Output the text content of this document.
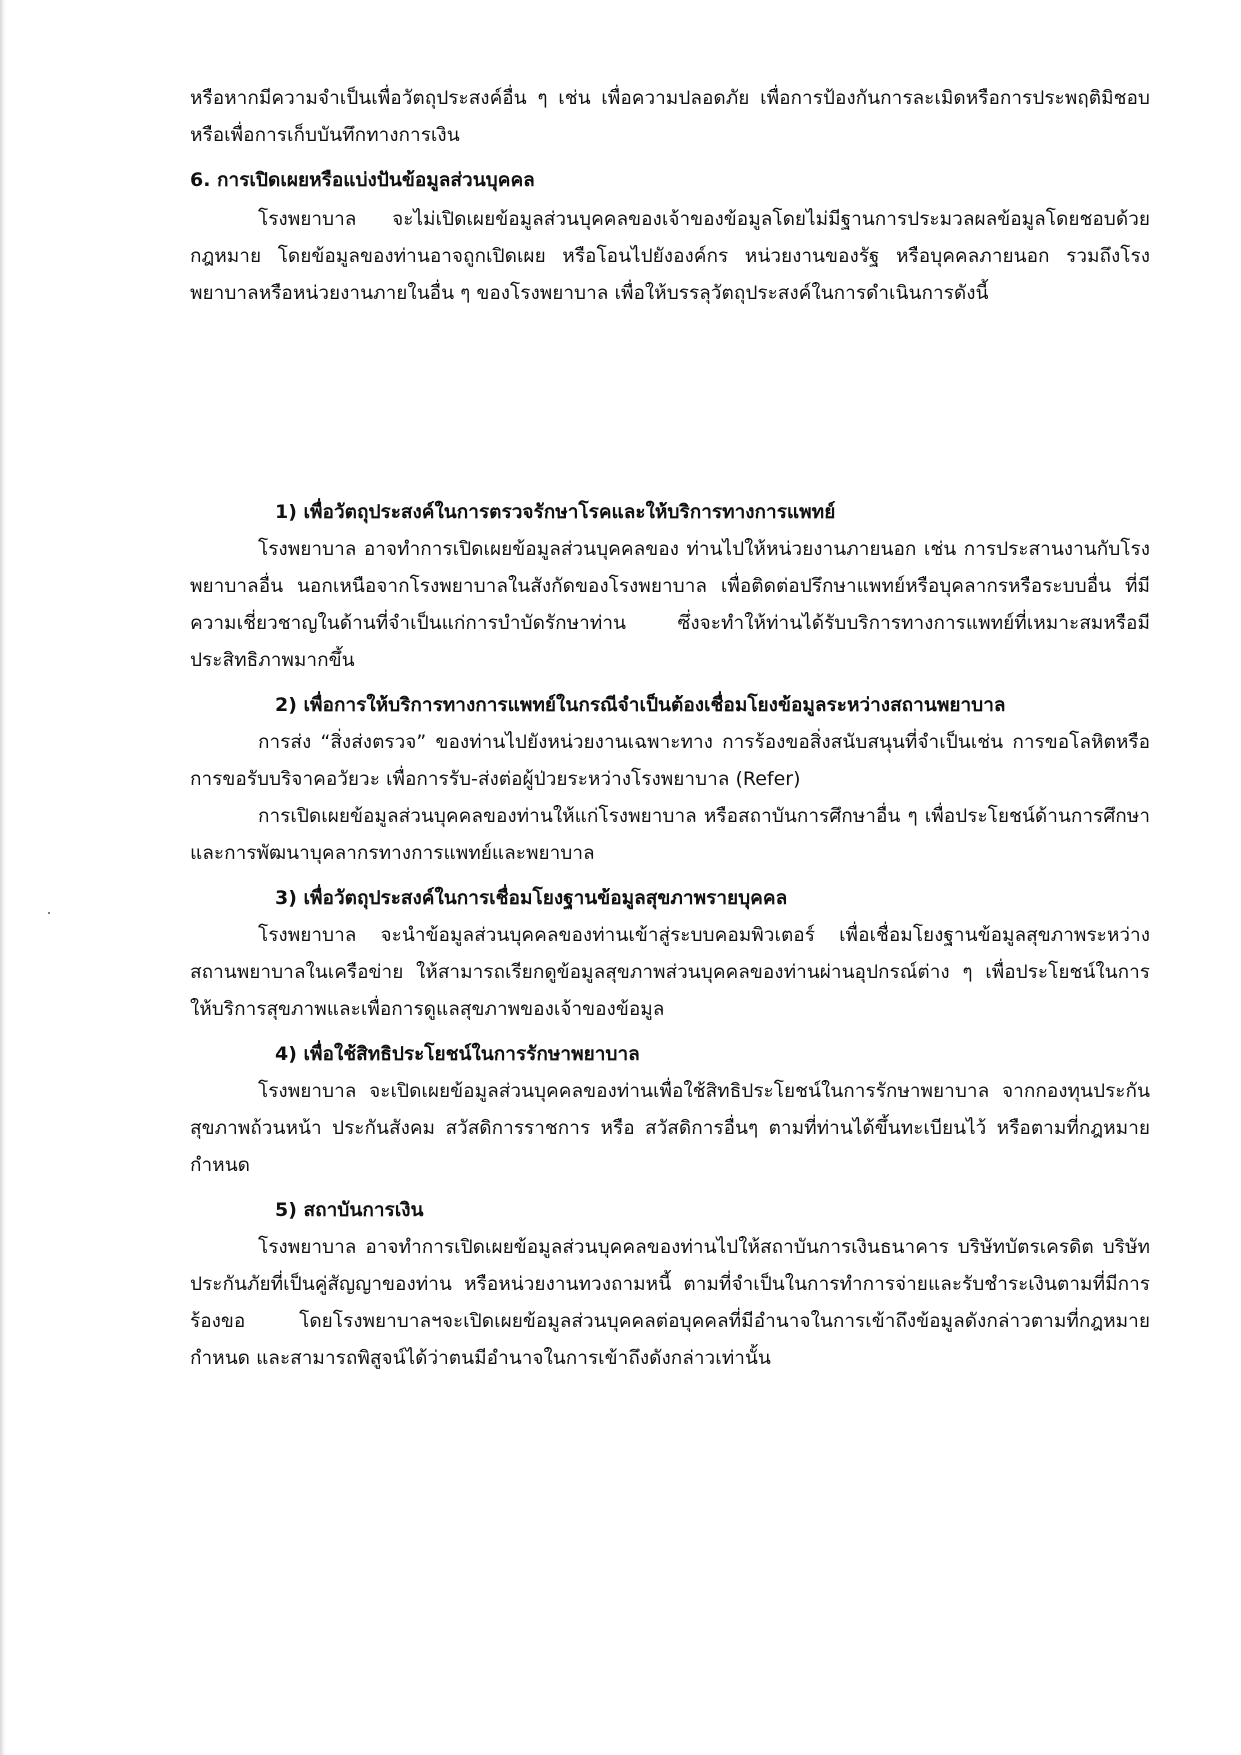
หรือหากมีความจำเป็นเพื่อวัตถุประสงค์อื่น ๆ เช่น เพื่อความปลอดภัย เพื่อการป้องกันการละเมิดหรือการประพฤติมิชอบ หรือเพื่อการเก็บบันทึกทางการเงิน

6. การเปิดเผยหรือแบ่งปันข้อมูลส่วนบุคคล

โรงพยาบาล จะไม่เปิดเผยข้อมูลส่วนบุคคลของเจ้าของข้อมูลโดยไม่มีฐานการประมวลผลข้อมูลโดยชอบด้วย กฎหมาย โดยข้อมูลของท่านอาจถูกเปิดเผย หรือโอนไปยังองค์กร หน่วยงานของรัฐ หรือบุคคลภายนอก รวมถึงโรงพยาบาลหรือหน่วยงานภายในอื่น ๆ ของโรงพยาบาล เพื่อให้บรรลุวัตถุประสงค์ในการดำเนินการดังนี้

1) เพื่อวัตถุประสงค์ในการตรวจรักษาโรคและให้บริการทางการแพทย์

โรงพยาบาล อาจทำการเปิดเผยข้อมูลส่วนบุคคลของ ท่านไปให้หน่วยงานภายนอก เช่น การประสานงานกับโรงพยาบาลอื่น นอกเหนือจากโรงพยาบาลในสังกัดของโรงพยาบาล เพื่อติดต่อปรึกษาแพทย์หรือบุคลากรหรือระบบอื่น ที่มีความเชี่ยวชาญในด้านที่จำเป็นแก่การบำบัดรักษาท่าน ซึ่งจะทำให้ท่านได้รับบริการทางการแพทย์ที่เหมาะสมหรือมีประสิทธิภาพมากขึ้น

2) เพื่อการให้บริการทางการแพทย์ในกรณีจำเป็นต้องเชื่อมโยงข้อมูลระหว่างสถานพยาบาล

การส่ง “สิ่งส่งตรวจ” ของท่านไปยังหน่วยงานเฉพาะทาง การร้องขอสิ่งสนับสนุนที่จำเป็นเช่น การขอโลหิตหรือการขอรับบริจาคอวัยวะ เพื่อการรับ-ส่งต่อผู้ป่วยระหว่างโรงพยาบาล (Refer)

การเปิดเผยข้อมูลส่วนบุคคลของท่านให้แก่โรงพยาบาล หรือสถาบันการศึกษาอื่น ๆ เพื่อประโยชน์ด้านการศึกษาและการพัฒนาบุคลากรทางการแพทย์และพยาบาล

3) เพื่อวัตถุประสงค์ในการเชื่อมโยงฐานข้อมูลสุขภาพรายบุคคล

โรงพยาบาล จะนำข้อมูลส่วนบุคคลของท่านเข้าสู่ระบบคอมพิวเตอร์ เพื่อเชื่อมโยงฐานข้อมูลสุขภาพระหว่างสถานพยาบาลในเครือข่าย ให้สามารถเรียกดูข้อมูลสุขภาพส่วนบุคคลของท่านผ่านอุปกรณ์ต่าง ๆ เพื่อประโยชน์ในการให้บริการสุขภาพและเพื่อการดูแลสุขภาพของเจ้าของข้อมูล

4) เพื่อใช้สิทธิประโยชน์ในการรักษาพยาบาล

โรงพยาบาล จะเปิดเผยข้อมูลส่วนบุคคลของท่านเพื่อใช้สิทธิประโยชน์ในการรักษาพยาบาล จากกองทุนประกันสุขภาพถ้วนหน้า ประกันสังคม สวัสดิการราชการ หรือ สวัสดิการอื่นๆ ตามที่ท่านได้ขึ้นทะเบียนไว้ หรือตามที่กฎหมายกำหนด

5) สถาบันการเงิน

โรงพยาบาล อาจทำการเปิดเผยข้อมูลส่วนบุคคลของท่านไปให้สถาบันการเงินธนาคาร บริษัทบัตรเครดิต บริษัทประกันภัยที่เป็นคู่สัญญาของท่าน หรือหน่วยงานทวงถามหนี้ ตามที่จำเป็นในการทำการจ่ายและรับชำระเงินตามที่มีการร้องขอ โดยโรงพยาบาลฯจะเปิดเผยข้อมูลส่วนบุคคลต่อบุคคลที่มีอำนาจในการเข้าถึงข้อมูลดังกล่าวตามที่กฎหมายกำหนด และสามารถพิสูจน์ได้ว่าตนมีอำนาจในการเข้าถึงดังกล่าวเท่านั้น
